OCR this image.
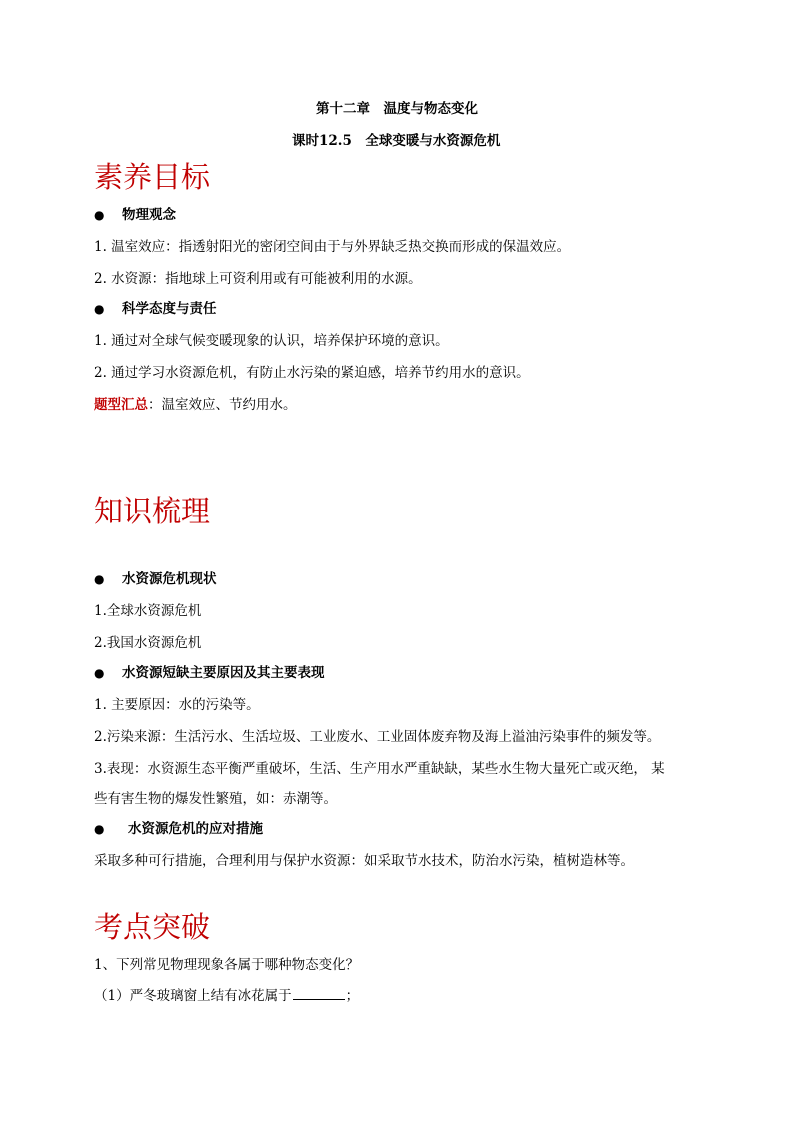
第十二章　温度与物态变化
课时12.5　全球变暖与水资源危机
素养目标
● 物理观念
1. 温室效应：指透射阳光的密闭空间由于与外界缺乏热交换而形成的保温效应。
2. 水资源：指地球上可资利用或有可能被利用的水源。
● 科学态度与责任
1. 通过对全球气候变暖现象的认识，培养保护环境的意识。
2. 通过学习水资源危机，有防止水污染的紧迫感，培养节约用水的意识。
题型汇总：温室效应、节约用水。
知识梳理
● 水资源危机现状
1.全球水资源危机
2.我国水资源危机
● 水资源短缺主要原因及其主要表现
1. 主要原因：水的污染等。
2.污染来源：生活污水、生活垃圾、工业废水、工业固体废弃物及海上溢油污染事件的频发等。
3.表现：水资源生态平衡严重破坏，生活、生产用水严重缺缺，某些水生物大量死亡或灭绝， 某
些有害生物的爆发性繁殖，如：赤潮等。
● 水资源危机的应对措施
采取多种可行措施，合理利用与保护水资源：如采取节水技术，防治水污染，植树造林等。
考点突破
1、下列常见物理现象各属于哪种物态变化？
（1）严冬玻璃窗上结有冰花属于	；
